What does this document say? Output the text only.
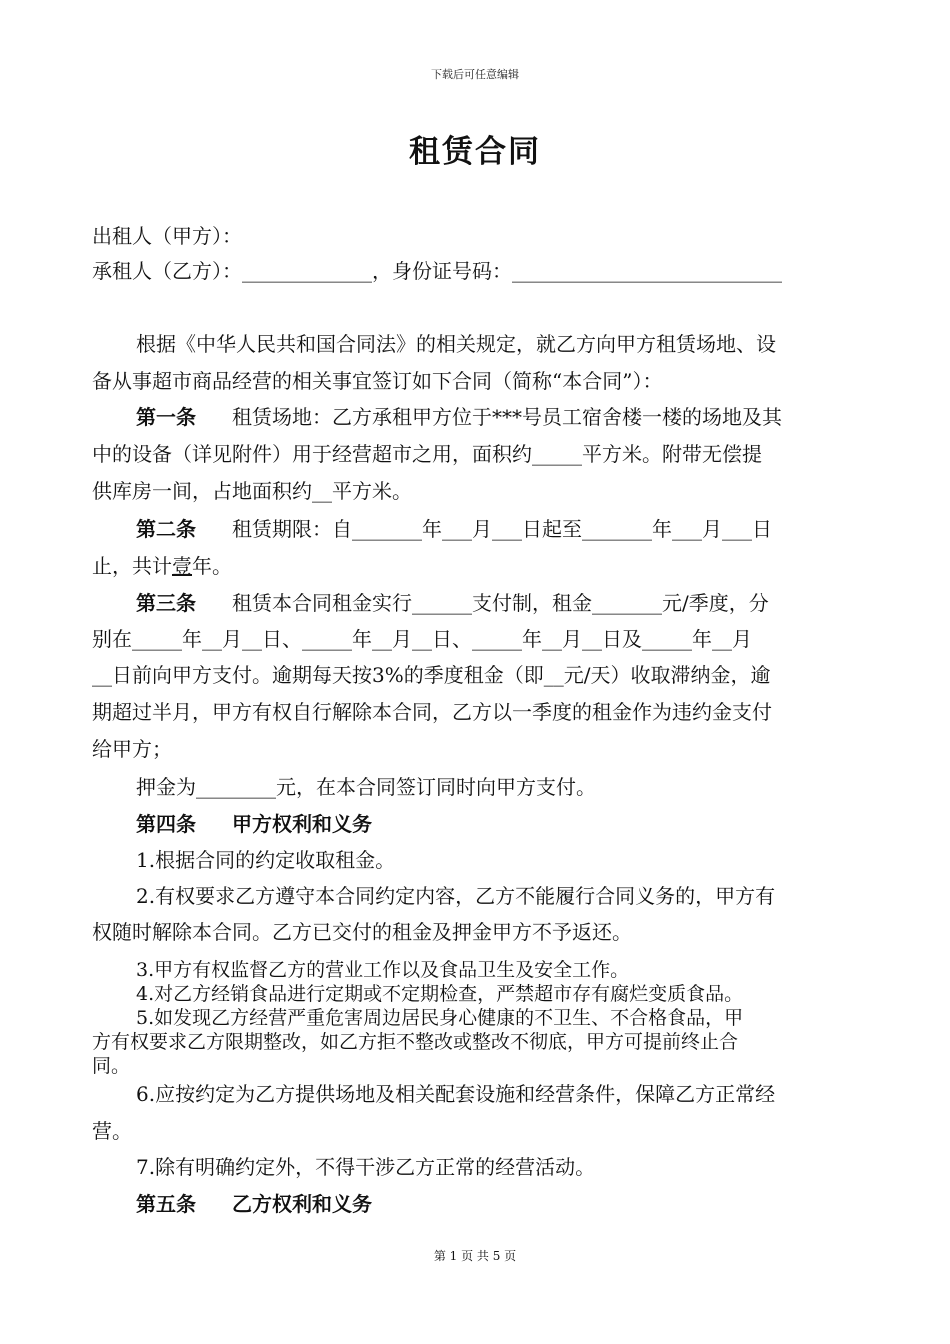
下载后可任意编辑
租赁合同
出租人（甲方）：
承租人（乙方）：_____________，身份证号码：___________________________
根据《中华人民共和国合同法》的相关规定，就乙方向甲方租赁场地、设
备从事超市商品经营的相关事宜签订如下合同（简称“本合同”）：
第一条 租赁场地：乙方承租甲方位于***号员工宿舍楼一楼的场地及其
中的设备（详见附件）用于经营超市之用，面积约_____平方米。附带无偿提
供库房一间，占地面积约__平方米。
第二条 租赁期限：自_______年___月___日起至_______年___月___日
止，共计壹年。
第三条 租赁本合同租金实行______支付制，租金_______元/季度，分
别在_____年__月__日、_____年__月__日、_____年__月__日及_____年__月
__日前向甲方支付。逾期每天按3%的季度租金（即__元/天）收取滞纳金，逾
期超过半月，甲方有权自行解除本合同，乙方以一季度的租金作为违约金支付
给甲方；
押金为________元，在本合同签订同时向甲方支付。
第四条 甲方权利和义务
1.根据合同的约定收取租金。
2.有权要求乙方遵守本合同约定内容，乙方不能履行合同义务的，甲方有
权随时解除本合同。乙方已交付的租金及押金甲方不予返还。
3.甲方有权监督乙方的营业工作以及食品卫生及安全工作。
4.对乙方经销食品进行定期或不定期检查，严禁超市存有腐烂变质食品。
5.如发现乙方经营严重危害周边居民身心健康的不卫生、不合格食品，甲
方有权要求乙方限期整改，如乙方拒不整改或整改不彻底，甲方可提前终止合
同。
6.应按约定为乙方提供场地及相关配套设施和经营条件，保障乙方正常经
营。
7.除有明确约定外，不得干涉乙方正常的经营活动。
第五条 乙方权利和义务
第 1 页 共 5 页
